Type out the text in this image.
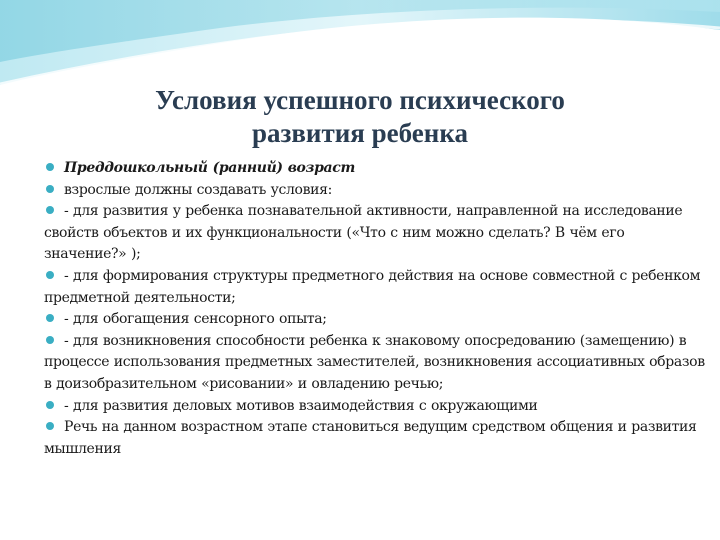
Условия успешного психического
развития ребенка

Преддошкольный (ранний) возраст

взрослые должны создавать условия:

- для развития у ребенка познавательной активности, направленной на исследование свойств объектов и их функциональности («Что с ним можно сделать? В чём его значение?» );

- для формирования структуры предметного действия на основе совместной с ребенком предметной деятельности;

- для обогащения сенсорного опыта;

- для возникновения способности ребенка к знаковому опосредованию (замещению) в процессе использования предметных заместителей, возникновения ассоциативных образов в доизобразительном «рисовании» и овладению речью;

- для развития деловых мотивов взаимодействия с окружающими

Речь на данном возрастном этапе становиться ведущим средством общения и развития мышления
